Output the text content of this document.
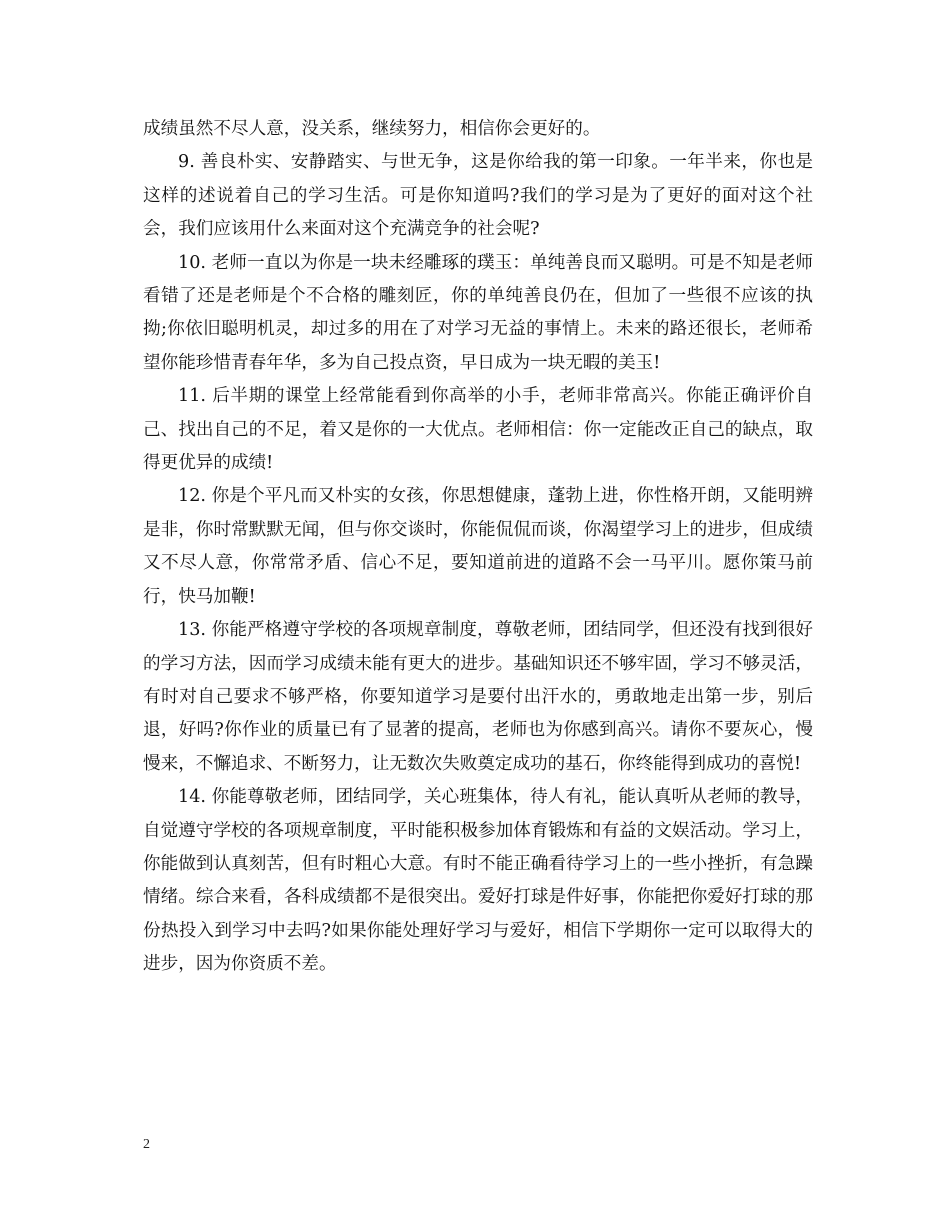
成绩虽然不尽人意，没关系，继续努力，相信你会更好的。

9. 善良朴实、安静踏实、与世无争，这是你给我的第一印象。一年半来，你也是这样的述说着自己的学习生活。可是你知道吗?我们的学习是为了更好的面对这个社会，我们应该用什么来面对这个充满竞争的社会呢?

10. 老师一直以为你是一块未经雕琢的璞玉：单纯善良而又聪明。可是不知是老师看错了还是老师是个不合格的雕刻匠，你的单纯善良仍在，但加了一些很不应该的执拗;你依旧聪明机灵，却过多的用在了对学习无益的事情上。未来的路还很长，老师希望你能珍惜青春年华，多为自己投点资，早日成为一块无暇的美玉!

11. 后半期的课堂上经常能看到你高举的小手，老师非常高兴。你能正确评价自己、找出自己的不足，着又是你的一大优点。老师相信：你一定能改正自己的缺点，取得更优异的成绩!

12. 你是个平凡而又朴实的女孩，你思想健康，蓬勃上进，你性格开朗，又能明辨是非，你时常默默无闻，但与你交谈时，你能侃侃而谈，你渴望学习上的进步，但成绩又不尽人意，你常常矛盾、信心不足，要知道前进的道路不会一马平川。愿你策马前行，快马加鞭!

13. 你能严格遵守学校的各项规章制度，尊敬老师，团结同学，但还没有找到很好的学习方法，因而学习成绩未能有更大的进步。基础知识还不够牢固，学习不够灵活，有时对自己要求不够严格，你要知道学习是要付出汗水的，勇敢地走出第一步，别后退，好吗?你作业的质量已有了显著的提高，老师也为你感到高兴。请你不要灰心，慢慢来，不懈追求、不断努力，让无数次失败奠定成功的基石，你终能得到成功的喜悦!

14. 你能尊敬老师，团结同学，关心班集体，待人有礼，能认真听从老师的教导，自觉遵守学校的各项规章制度，平时能积极参加体育锻炼和有益的文娱活动。学习上，你能做到认真刻苦，但有时粗心大意。有时不能正确看待学习上的一些小挫折，有急躁情绪。综合来看，各科成绩都不是很突出。爱好打球是件好事，你能把你爱好打球的那份热投入到学习中去吗?如果你能处理好学习与爱好，相信下学期你一定可以取得大的进步，因为你资质不差。

2
